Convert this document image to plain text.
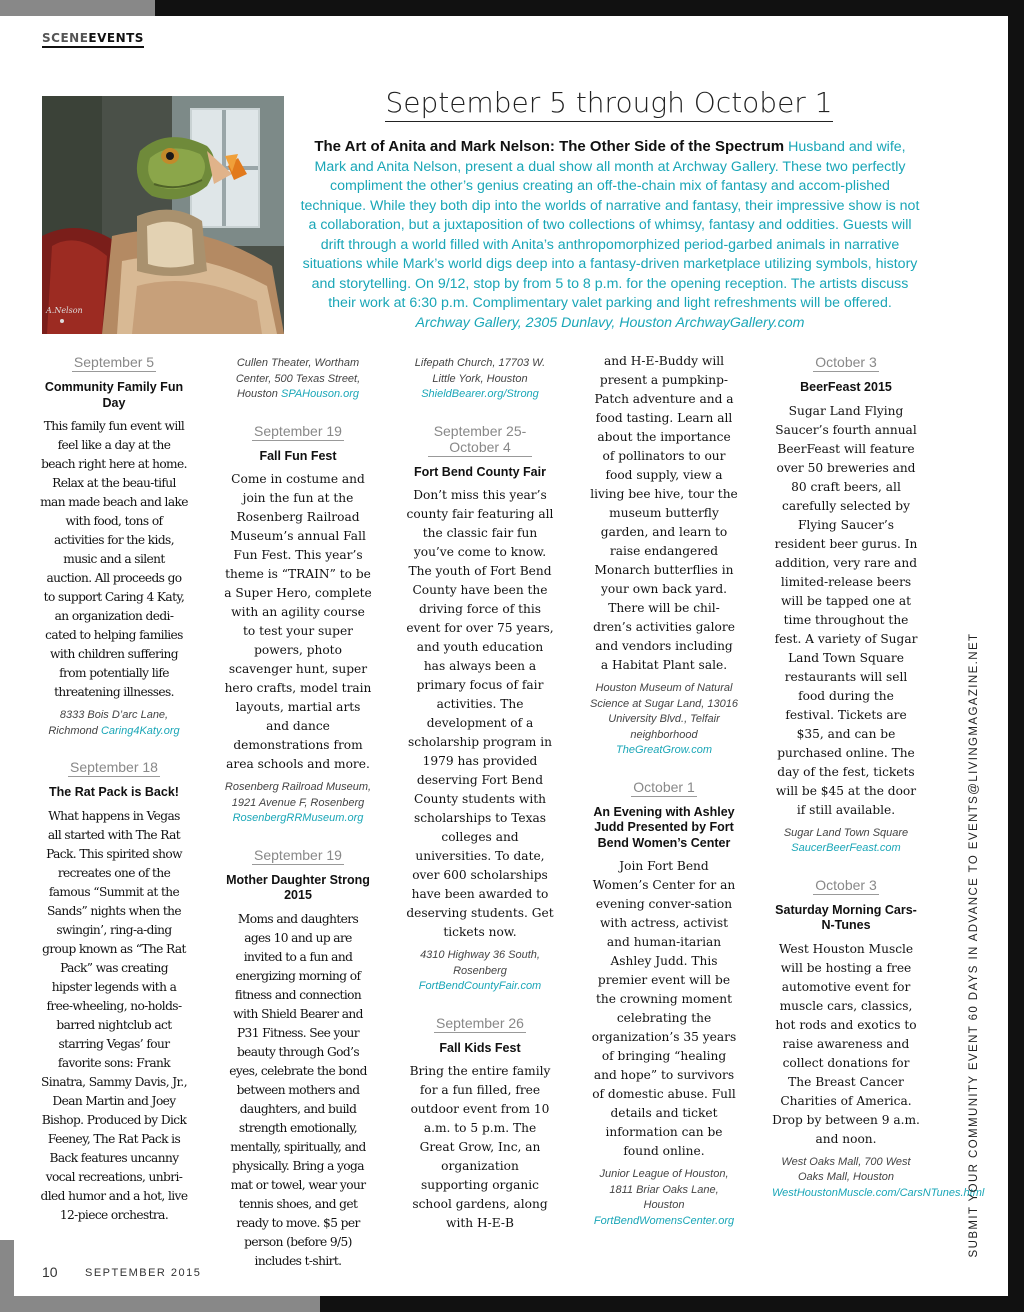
SCENEEVENTS
A.Nelson
September 5 through October 1
The Art of Anita and Mark Nelson: The Other Side of the Spectrum Husband and wife, Mark and Anita Nelson, present a dual show all month at Archway Gallery. These two perfectly compliment the other’s genius creating an off-the-chain mix of fantasy and accom-plished technique. While they both dip into the worlds of narrative and fantasy, their impressive show is not a collaboration, but a juxtaposition of two collections of whimsy, fantasy and oddities. Guests will drift through a world filled with Anita’s anthropomorphized period-garbed animals in narrative situations while Mark’s world digs deep into a fantasy-driven marketplace utilizing symbols, history and storytelling. On 9/12, stop by from 5 to 8 p.m. for the opening reception. The artists discuss their work at 6:30 p.m. Complimentary valet parking and light refreshments will be offered. Archway Gallery, 2305 Dunlavy, Houston ArchwayGallery.com
September 5
Community Family Fun Day
This family fun event will feel like a day at the beach right here at home. Relax at the beau-tiful man made beach and lake with food, tons of activities for the kids, music and a silent auction. All proceeds go to support Caring 4 Katy, an organization dedi-cated to helping families with children suffering from potentially life threatening illnesses.
8333 Bois D’arc Lane, Richmond Caring4Katy.org
September 18
The Rat Pack is Back!
What happens in Vegas all started with The Rat Pack. This spirited show recreates one of the famous “Summit at the Sands” nights when the swingin’, ring-a-ding group known as “The Rat Pack” was creating hipster legends with a free-wheeling, no-holds-barred nightclub act starring Vegas’ four favorite sons: Frank Sinatra, Sammy Davis, Jr., Dean Martin and Joey Bishop. Produced by Dick Feeney, The Rat Pack is Back features uncanny vocal recreations, unbri-dled humor and a hot, live 12-piece orchestra.
Cullen Theater, Wortham Center, 500 Texas Street, Houston SPAHouson.org
September 19
Fall Fun Fest
Come in costume and join the fun at the Rosenberg Railroad Museum’s annual Fall Fun Fest. This year’s theme is “TRAIN” to be a Super Hero, complete with an agility course to test your super powers, photo scavenger hunt, super hero crafts, model train layouts, martial arts and dance demonstrations from area schools and more.
Rosenberg Railroad Museum, 1921 Avenue F, Rosenberg RosenbergRRMuseum.org
September 19
Mother Daughter Strong 2015
Moms and daughters ages 10 and up are invited to a fun and energizing morning of fitness and connection with Shield Bearer and P31 Fitness. See your beauty through God’s eyes, celebrate the bond between mothers and daughters, and build strength emotionally, mentally, spiritually, and physically. Bring a yoga mat or towel, wear your tennis shoes, and get ready to move. $5 per person (before 9/5) includes t-shirt.
Lifepath Church, 17703 W. Little York, Houston ShieldBearer.org/Strong
September 25-October 4
Fort Bend County Fair
Don’t miss this year’s county fair featuring all the classic fair fun you’ve come to know. The youth of Fort Bend County have been the driving force of this event for over 75 years, and youth education has always been a primary focus of fair activities. The development of a scholarship program in 1979 has provided deserving Fort Bend County students with scholarships to Texas colleges and universities. To date, over 600 scholarships have been awarded to deserving students. Get tickets now.
4310 Highway 36 South, Rosenberg FortBendCountyFair.com
September 26
Fall Kids Fest
Bring the entire family for a fun filled, free outdoor event from 10 a.m. to 5 p.m. The Great Grow, Inc, an organization supporting organic school gardens, along with H-E-B
and H-E-Buddy will present a pumpkinp-Patch adventure and a food tasting. Learn all about the importance of pollinators to our food supply, view a living bee hive, tour the museum butterfly garden, and learn to raise endangered Monarch butterflies in your own back yard. There will be chil-dren’s activities galore and vendors including a Habitat Plant sale.
Houston Museum of Natural Science at Sugar Land, 13016 University Blvd., Telfair neighborhood TheGreatGrow.com
October 1
An Evening with Ashley Judd Presented by Fort Bend Women’s Center
Join Fort Bend Women’s Center for an evening conver-sation with actress, activist and human-itarian Ashley Judd. This premier event will be the crowning moment celebrating the organization’s 35 years of bringing “healing and hope” to survivors of domestic abuse. Full details and ticket information can be found online.
Junior League of Houston, 1811 Briar Oaks Lane, Houston FortBendWomensCenter.org
October 3
BeerFeast 2015
Sugar Land Flying Saucer’s fourth annual BeerFeast will feature over 50 breweries and 80 craft beers, all carefully selected by Flying Saucer’s resident beer gurus. In addition, very rare and limited-release beers will be tapped one at time throughout the fest. A variety of Sugar Land Town Square restaurants will sell food during the festival. Tickets are $35, and can be purchased online. The day of the fest, tickets will be $45 at the door if still available.
Sugar Land Town Square SaucerBeerFeast.com
October 3
Saturday Morning Cars-N-Tunes
West Houston Muscle will be hosting a free automotive event for muscle cars, classics, hot rods and exotics to raise awareness and collect donations for The Breast Cancer Charities of America. Drop by between 9 a.m. and noon.
West Oaks Mall, 700 West Oaks Mall, Houston WestHoustonMuscle.com/CarsNTunes.html
SUBMIT YOUR COMMUNITY EVENT 60 DAYS IN ADVANCE TO EVENTS@LIVINGMAGAZINE.NET
10 SEPTEMBER 2015
